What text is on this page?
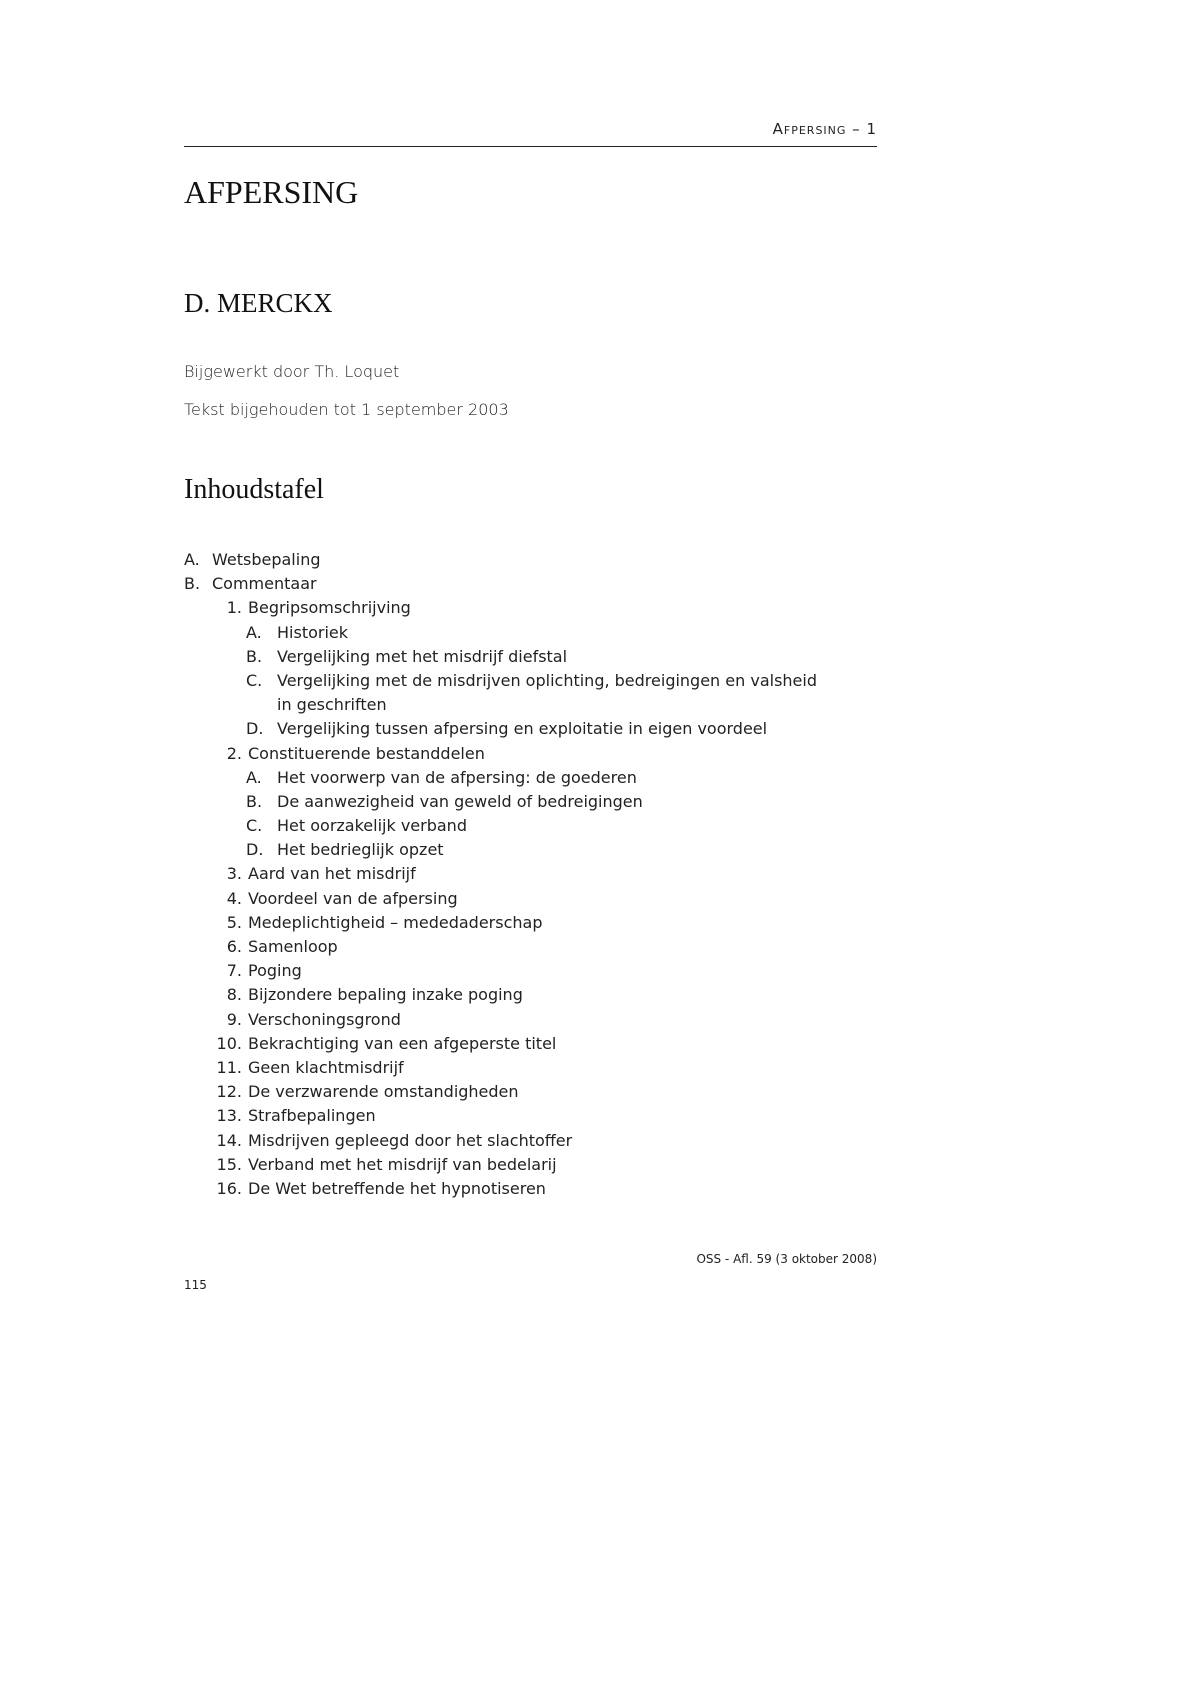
Afpersing – 1
AFPERSING
D. MERCKX
Bijgewerkt door Th. Loquet
Tekst bijgehouden tot 1 september 2003
Inhoudstafel
A. Wetsbepaling
B. Commentaar
1. Begripsomschrijving
A. Historiek
B. Vergelijking met het misdrijf diefstal
C. Vergelijking met de misdrijven oplichting, bedreigingen en valsheid
in geschriften
D. Vergelijking tussen afpersing en exploitatie in eigen voordeel
2. Constituerende bestanddelen
A. Het voorwerp van de afpersing: de goederen
B. De aanwezigheid van geweld of bedreigingen
C. Het oorzakelijk verband
D. Het bedrieglijk opzet
3. Aard van het misdrijf
4. Voordeel van de afpersing
5. Medeplichtigheid – mededaderschap
6. Samenloop
7. Poging
8. Bijzondere bepaling inzake poging
9. Verschoningsgrond
10. Bekrachtiging van een afgeperste titel
11. Geen klachtmisdrijf
12. De verzwarende omstandigheden
13. Strafbepalingen
14. Misdrijven gepleegd door het slachtoffer
15. Verband met het misdrijf van bedelarij
16. De Wet betreffende het hypnotiseren
OSS - Afl. 59 (3 oktober 2008)
115
